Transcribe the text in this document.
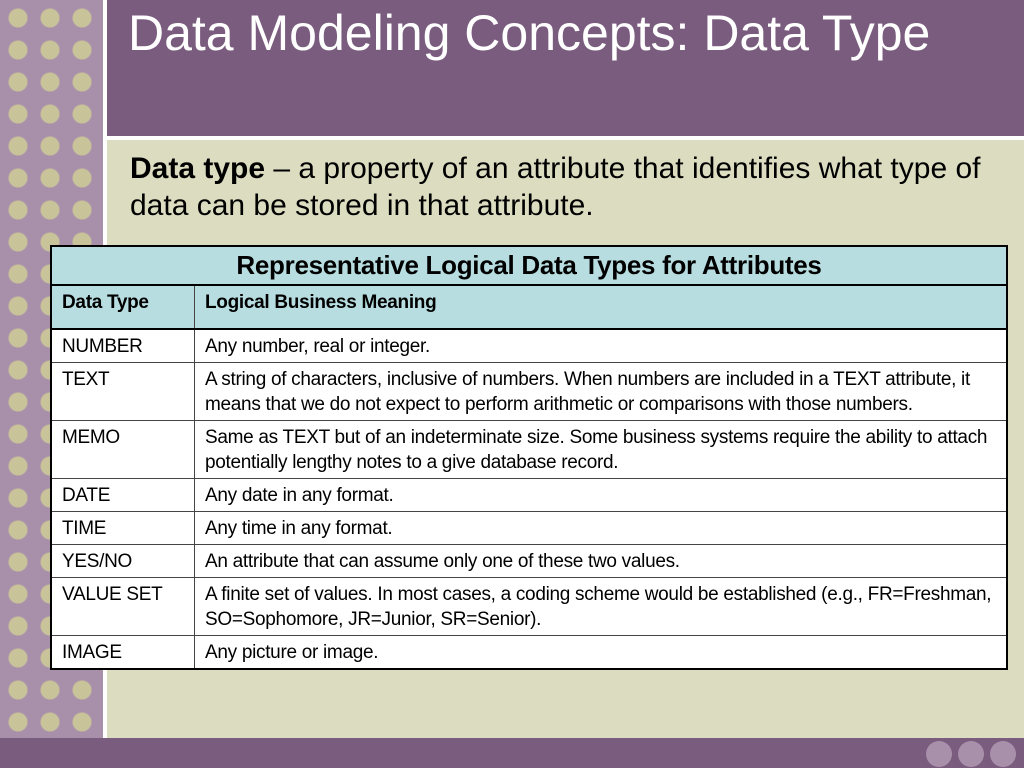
Data Modeling Concepts: Data Type
Data type – a property of an attribute that identifies what type of data can be stored in that attribute.
Representative Logical Data Types for Attributes	
Data Type	Logical Business Meaning
NUMBER	Any number, real or integer.
TEXT	A string of characters, inclusive of numbers. When numbers are included in a TEXT attribute, it means that we do not expect to perform arithmetic or comparisons with those numbers.
MEMO	Same as TEXT but of an indeterminate size. Some business systems require the ability to attach potentially lengthy notes to a give database record.
DATE	Any date in any format.
TIME	Any time in any format.
YES/NO	An attribute that can assume only one of these two values.
VALUE SET	A finite set of values. In most cases, a coding scheme would be established (e.g., FR=Freshman, SO=Sophomore, JR=Junior, SR=Senior).
IMAGE	Any picture or image.
